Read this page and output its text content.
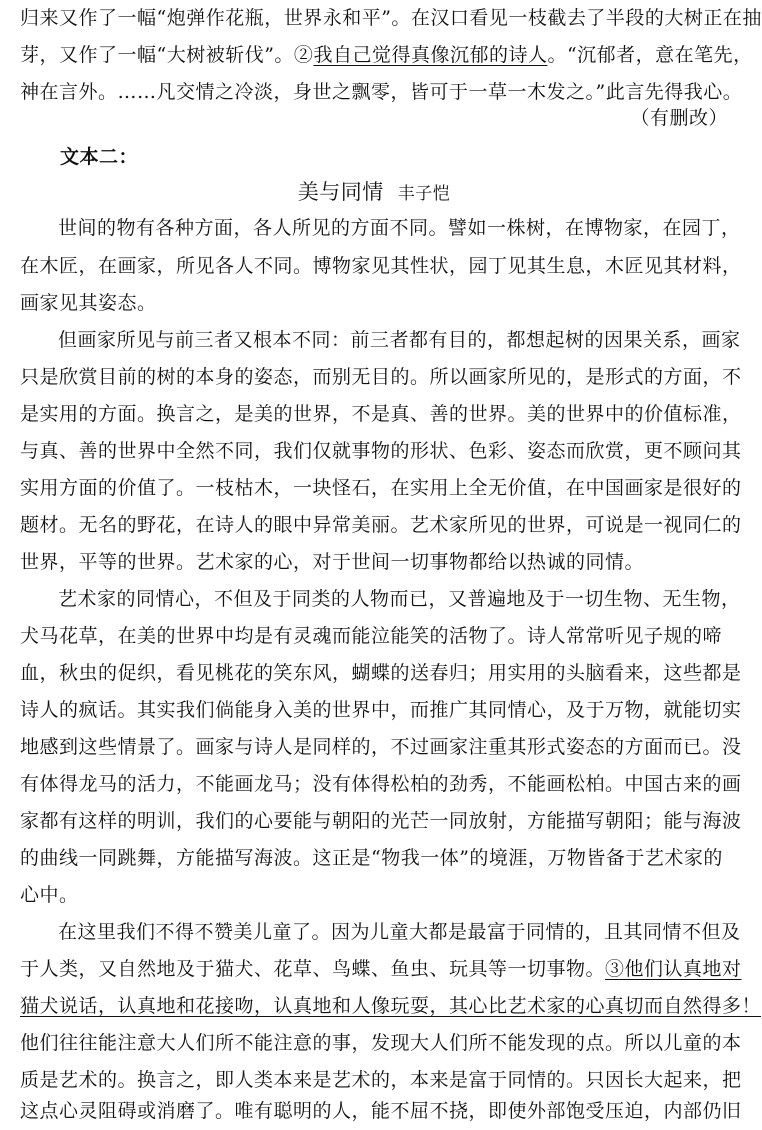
归来又作了一幅“炮弹作花瓶，世界永和平”。在汉口看见一枝截去了半段的大树正在抽
芽，又作了一幅“大树被斩伐”。②我自己觉得真像沉郁的诗人。“沉郁者，意在笔先，
神在言外。……凡交情之冷淡，身世之飘零，皆可于一草一木发之。”此言先得我心。
（有删改）
文本二：
美与同情 丰子恺
世间的物有各种方面，各人所见的方面不同。譬如一株树，在博物家，在园丁，
在木匠，在画家，所见各人不同。博物家见其性状，园丁见其生息，木匠见其材料，
画家见其姿态。
但画家所见与前三者又根本不同：前三者都有目的，都想起树的因果关系，画家
只是欣赏目前的树的本身的姿态，而别无目的。所以画家所见的，是形式的方面，不
是实用的方面。换言之，是美的世界，不是真、善的世界。美的世界中的价值标准，
与真、善的世界中全然不同，我们仅就事物的形状、色彩、姿态而欣赏，更不顾问其
实用方面的价值了。一枝枯木，一块怪石，在实用上全无价值，在中国画家是很好的
题材。无名的野花，在诗人的眼中异常美丽。艺术家所见的世界，可说是一视同仁的
世界，平等的世界。艺术家的心，对于世间一切事物都给以热诚的同情。
艺术家的同情心，不但及于同类的人物而已，又普遍地及于一切生物、无生物，
犬马花草，在美的世界中均是有灵魂而能泣能笑的活物了。诗人常常听见子规的啼
血，秋虫的促织，看见桃花的笑东风，蝴蝶的送春归；用实用的头脑看来，这些都是
诗人的疯话。其实我们倘能身入美的世界中，而推广其同情心，及于万物，就能切实
地感到这些情景了。画家与诗人是同样的，不过画家注重其形式姿态的方面而已。没
有体得龙马的活力，不能画龙马；没有体得松柏的劲秀，不能画松柏。中国古来的画
家都有这样的明训，我们的心要能与朝阳的光芒一同放射，方能描写朝阳；能与海波
的曲线一同跳舞，方能描写海波。这正是“物我一体”的境涯，万物皆备于艺术家的
心中。
在这里我们不得不赞美儿童了。因为儿童大都是最富于同情的，且其同情不但及
于人类，又自然地及于猫犬、花草、鸟蝶、鱼虫、玩具等一切事物。③他们认真地对
猫犬说话，认真地和花接吻，认真地和人像玩耍，其心比艺术家的心真切而自然得多！
他们往往能注意大人们所不能注意的事，发现大人们所不能发现的点。所以儿童的本
质是艺术的。换言之，即人类本来是艺术的，本来是富于同情的。只因长大起来，把
这点心灵阻碍或消磨了。唯有聪明的人，能不屈不挠，即使外部饱受压迫，内部仍旧
